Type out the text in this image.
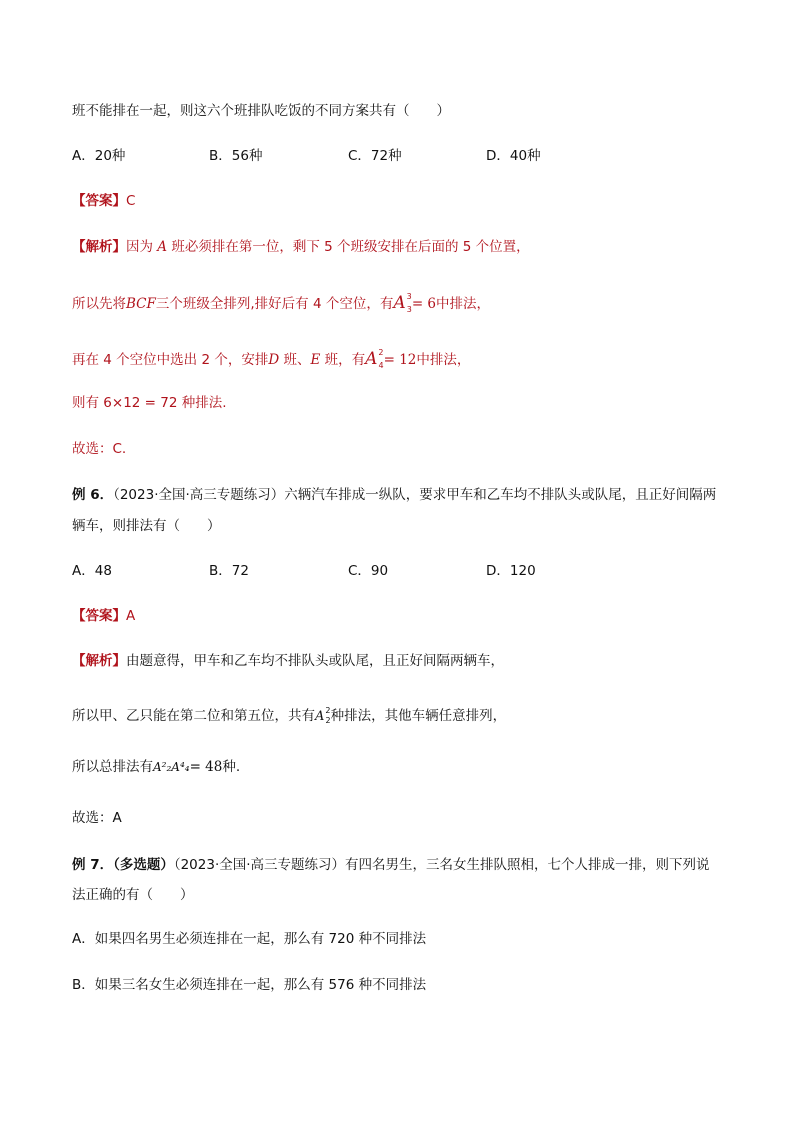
班不能排在一起，则这六个班排队吃饭的不同方案共有（　　）
A．20种	B．56种	C．72种	D．40种
【答案】C
【解析】因为 A 班必须排在第一位，剩下 5 个班级安排在后面的 5 个位置，
所以先将BCF三个班级全排列,排好后有 4 个空位，有$A^3_3= 6$中排法，
再在 4 个空位中选出 2 个，安排D 班、E 班，有$A^2_4= 12$中排法，
则有 6×12 = 72 种排法.
故选：C.
例 6．（2023·全国·高三专题练习）六辆汽车排成一纵队，要求甲车和乙车均不排队头或队尾，且正好间隔两
辆车，则排法有（　　）
A．48	B．72	C．90	D．120
【答案】A
【解析】由题意得，甲车和乙车均不排队头或队尾，且正好间隔两辆车，
所以甲、乙只能在第二位和第五位，共有$A^2_2$种排法，其他车辆任意排列，
所以总排法有A²₂A⁴₄= 48种.
故选：A
例 7．（多选题）（2023·全国·高三专题练习）有四名男生，三名女生排队照相，七个人排成一排，则下列说
法正确的有（　　）
A．如果四名男生必须连排在一起，那么有 720 种不同排法
B．如果三名女生必须连排在一起，那么有 576 种不同排法
